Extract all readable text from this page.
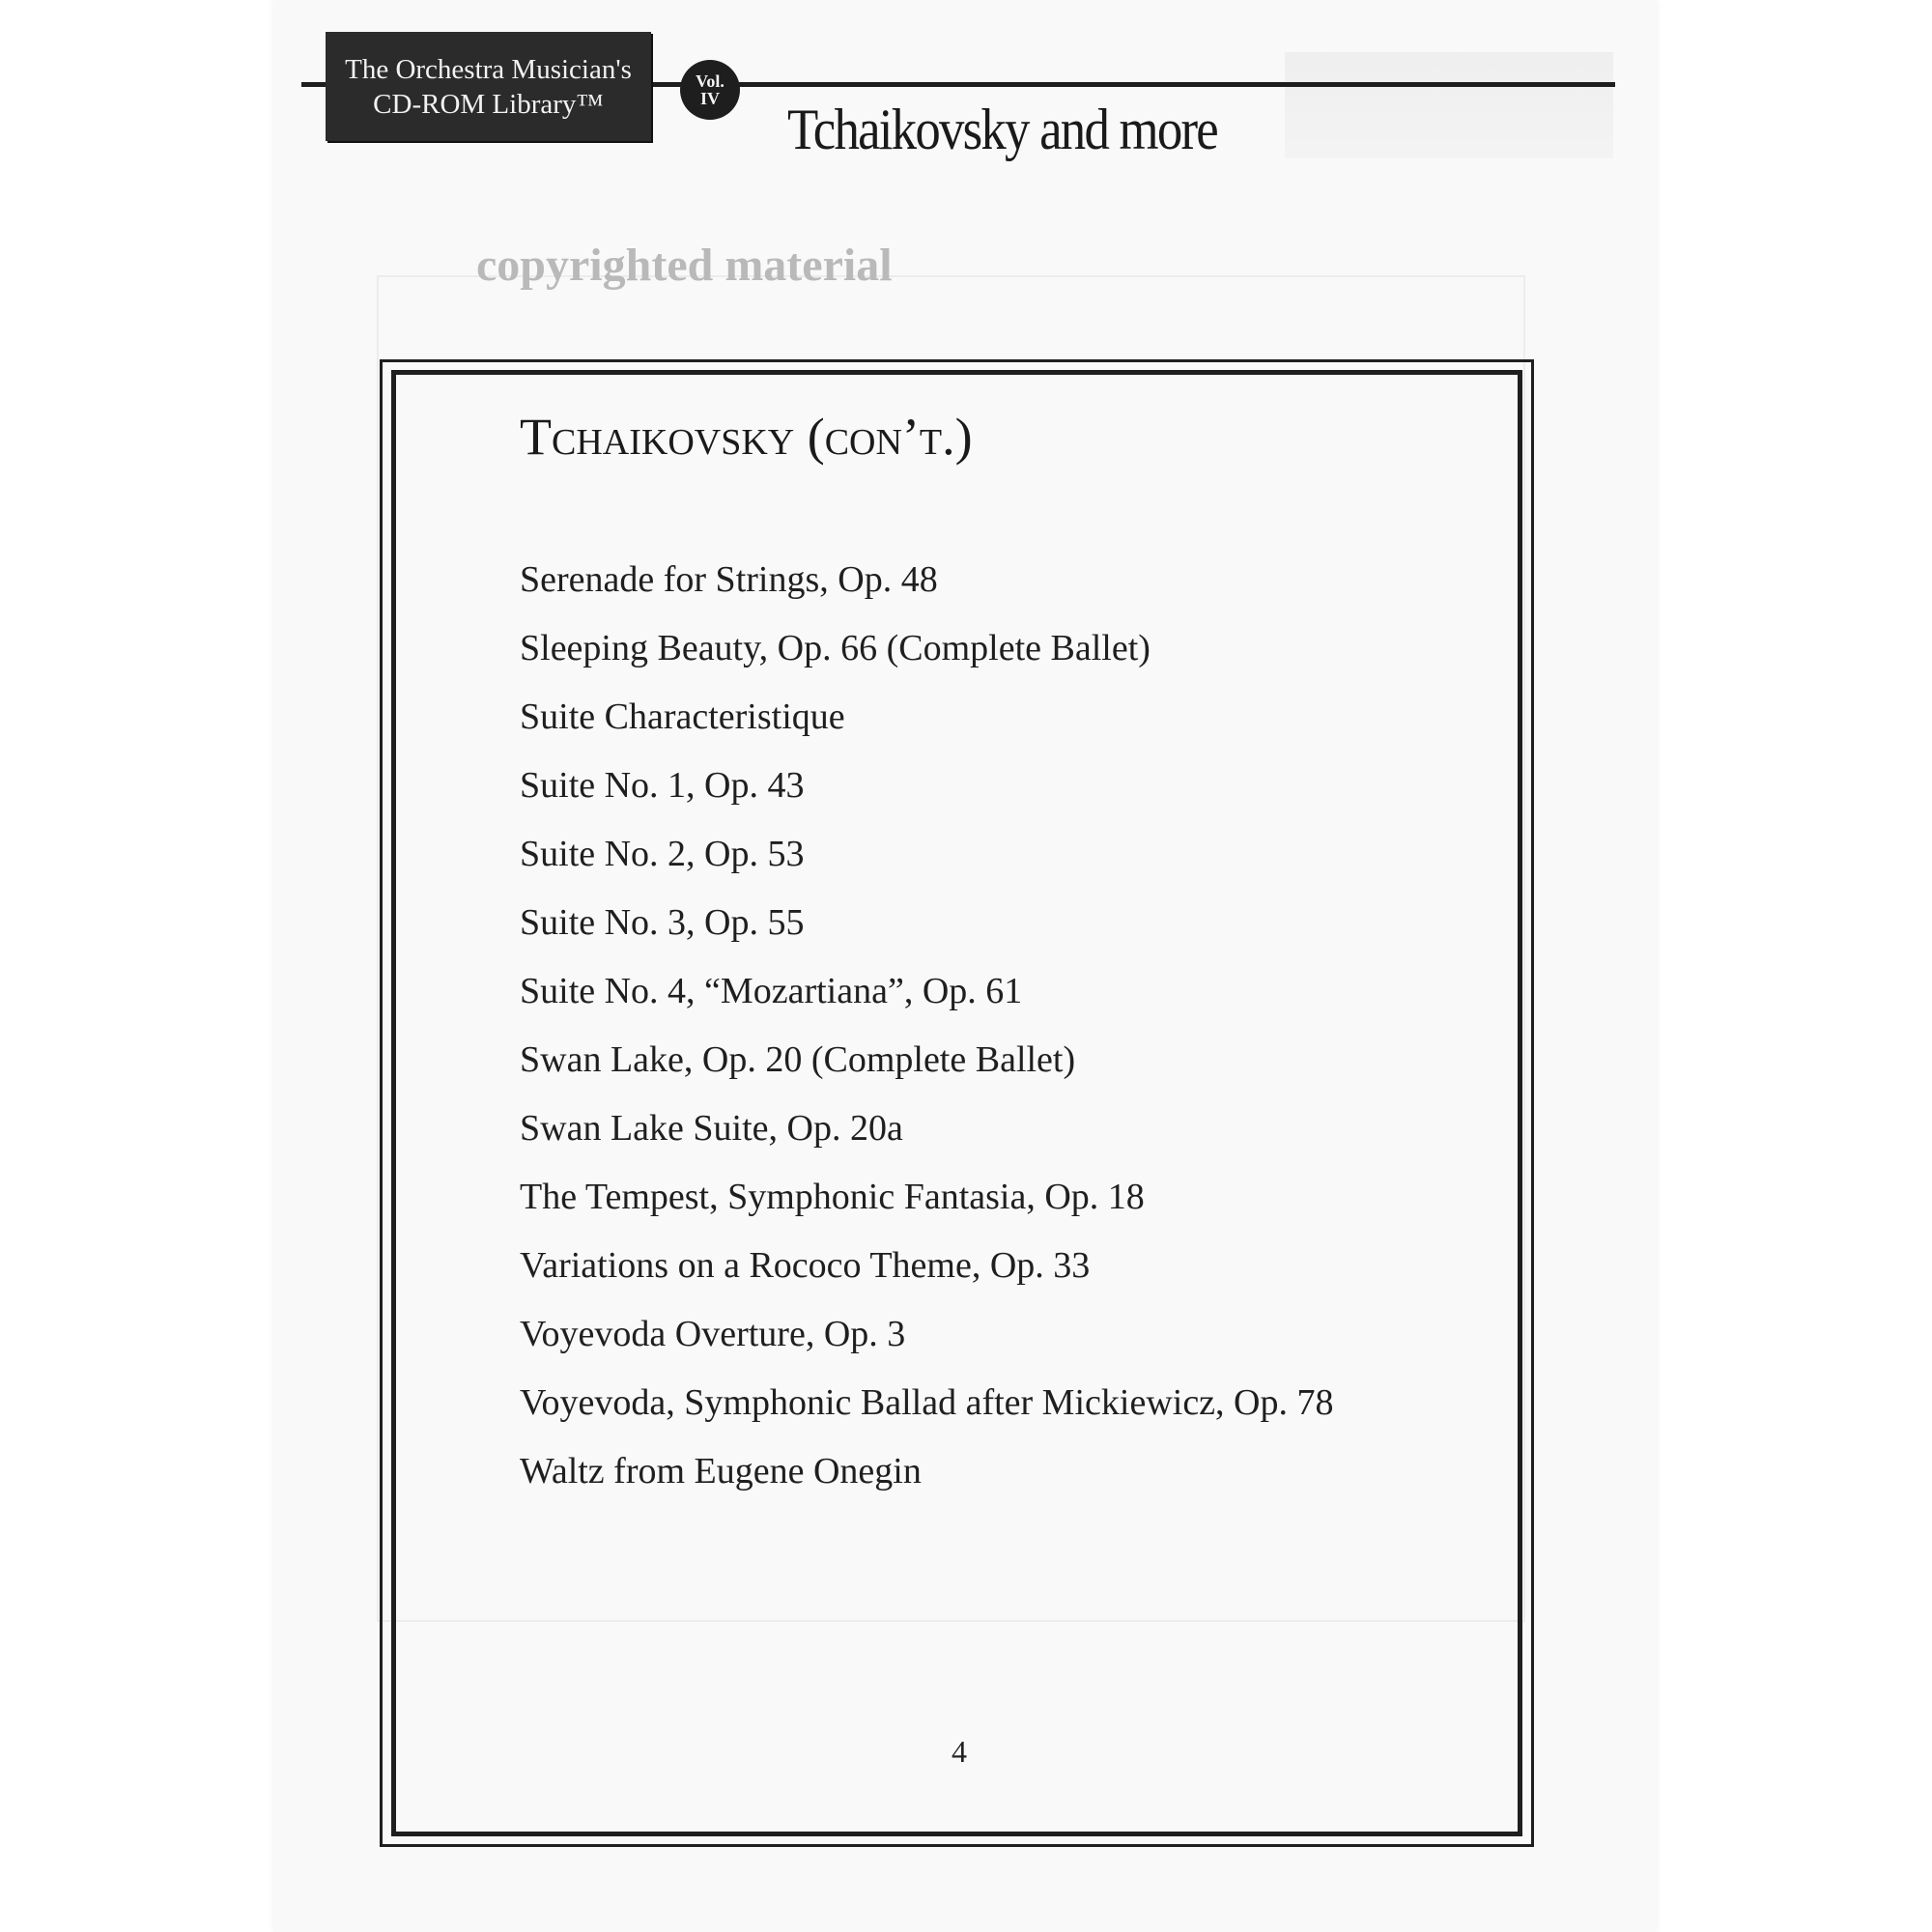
The Orchestra Musician's
CD-ROM Library™
Vol.
IV	Tchaikovsky and more
copyrighted material
Tchaikovsky (con’t.)
Serenade for Strings, Op. 48
Sleeping Beauty, Op. 66 (Complete Ballet)
Suite Characteristique
Suite No. 1, Op. 43
Suite No. 2, Op. 53
Suite No. 3, Op. 55
Suite No. 4, “Mozartiana”, Op. 61
Swan Lake, Op. 20 (Complete Ballet)
Swan Lake Suite, Op. 20a
The Tempest, Symphonic Fantasia, Op. 18
Variations on a Rococo Theme, Op. 33
Voyevoda Overture, Op. 3
Voyevoda, Symphonic Ballad after Mickiewicz, Op. 78
Waltz from Eugene Onegin
4
